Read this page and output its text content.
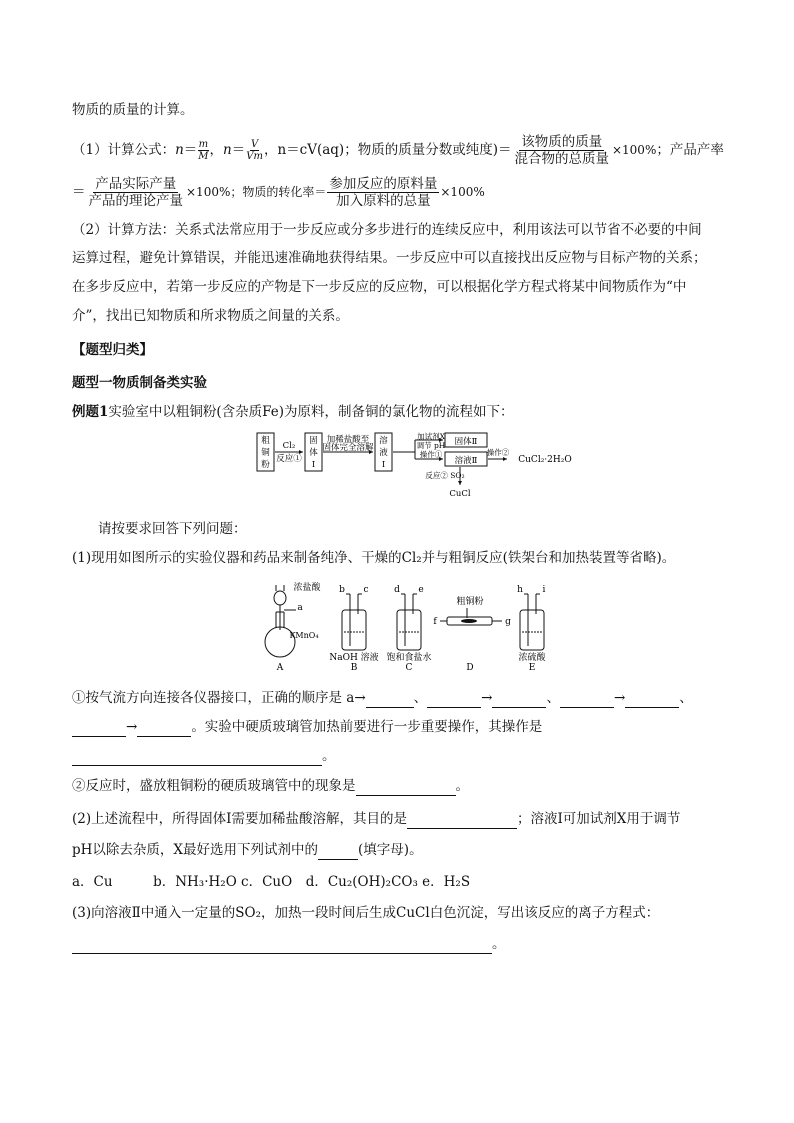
物质的质量的计算。
（1）计算公式：$n= \frac{m}{M}$ ，$n= \frac{V}{Vm}$ ，n＝cV(aq)；物质的质量分数或纯度)＝ $\frac{\text{该物质的质量}}{\text{混合物的总质量}} \times 100\%$；产品产率
＝ $\frac{\text{产品实际产量}}{\text{产品的理论产量}} \times 100\%$；物质的转化率＝ $\frac{\text{参加反应的原料量}}{\text{加入原料的总量}} \times 100\%$
（2）计算方法：关系式法常应用于一步反应或分多步进行的连续反应中，利用该法可以节省不必要的中间
运算过程，避免计算错误，并能迅速准确地获得结果。一步反应中可以直接找出反应物与目标产物的关系；
在多步反应中，若第一步反应的产物是下一步反应的反应物，可以根据化学方程式将某中间物质作为“中
介”，找出已知物质和所求物质之间量的关系。
【题型归类】
题型一物质制备类实验
例题1实验室中以粗铜粉(含杂质Fe)为原料，制备铜的氯化物的流程如下：
粗
铜
粉
固
体
Ⅰ
溶
液
Ⅰ
Cl₂
反应①
加稀盐酸至
固体完全溶解
加试剂X
调节 pH
操作①
固体Ⅱ
溶液Ⅱ
操作②
CuCl₂·2H₂O
反应② SO₂
CuCl
请按要求回答下列问题：
(1)现用如图所示的实验仪器和药品来制备纯净、干燥的Cl₂并与粗铜反应(铁架台和加热装置等省略)。
浓盐酸
a
KMnO₄
A
b c
NaOH 溶液
B
d e
饱和食盐水
C
粗铜粉
f	g
D
h i
浓硫酸
E
①按气流方向连接各仪器接口，正确的顺序是 a→	、	→	、	→	、
→	。实验中硬质玻璃管加热前要进行一步重要操作，其操作是
。
②反应时，盛放粗铜粉的硬质玻璃管中的现象是	。
(2)上述流程中，所得固体Ⅰ需要加稀盐酸溶解，其目的是	；溶液Ⅰ可加试剂X用于调节
pH以除去杂质，X最好选用下列试剂中的	(填字母)。
a．Cu　　　b．NH₃·H₂O c．CuO　d．Cu₂(OH)₂CO₃ e．H₂S
(3)向溶液Ⅱ中通入一定量的SO₂，加热一段时间后生成CuCl白色沉淀，写出该反应的离子方程式：
。
